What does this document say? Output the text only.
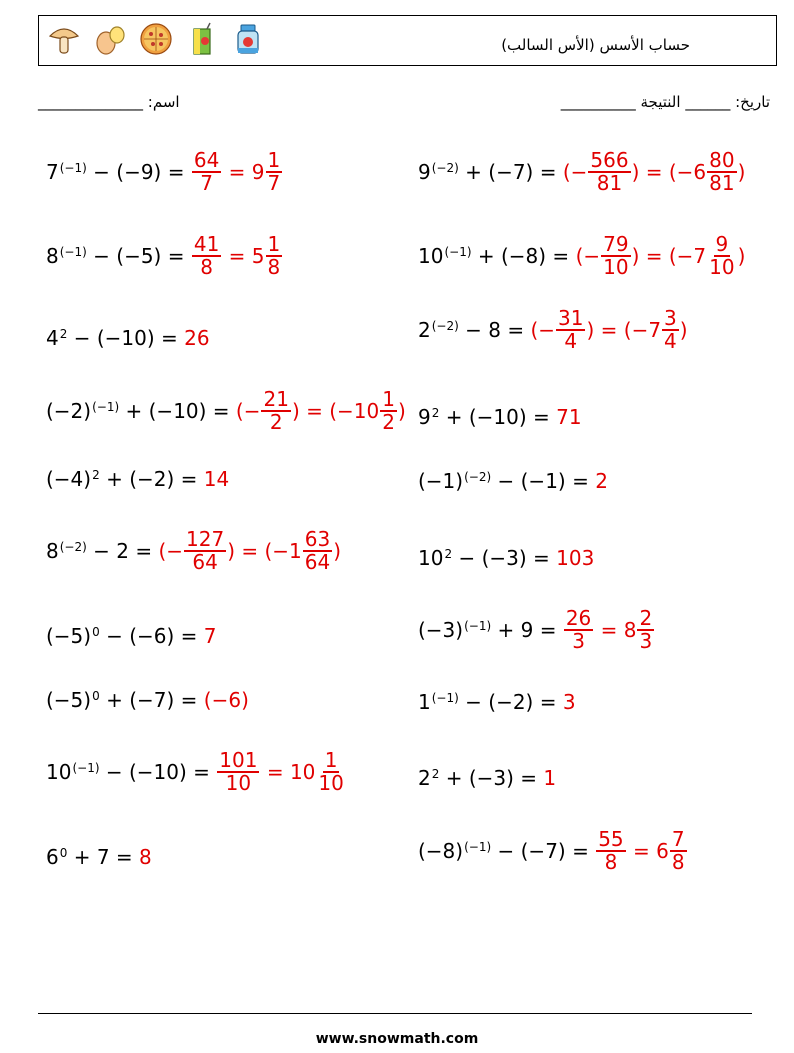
حساب الأسس (الأس السالب)
اسم: ______________	تاريخ: ______ النتيجة __________
$7^{(-1)} - (-9) = \frac{64}{7} = 9 \frac{1}{7}$
$8^{(-1)} - (-5) = \frac{41}{8} = 5 \frac{1}{8}$
$4^2 - (-10) = 26$
$(-2)^{(-1)} + (-10)$ = (− $\frac{21}{2}$ ) = ($-10 \frac{1}{2}$ )
$(-4)^2 + (-2) = 14$
$8^{(-2)} - 2$ = (− $\frac{127}{64}$ ) = ($-1 \frac{63}{64}$ )
$(-5)^0 - (-6) = 7$
$(-5)^0 + (-7) = (-6)$
$10^{(-1)} - (-10) = \frac{101}{10} = 10 \frac{1}{10}$
$6^0 + 7 = 8$
$9^{(-2)} + (-7)$ = (− $\frac{566}{81}$ ) = ($-6 \frac{80}{81}$ )
$10^{(-1)} + (-8)$ = (− $\frac{79}{10}$ ) = ($-7 \frac{9}{10}$ )
$2^{(-2)} - 8$ = (− $\frac{31}{4}$ ) = ($-7 \frac{3}{4}$ )
$9^2 + (-10) = 71$
$(-1)^{(-2)} - (-1) = 2$
$10^2 - (-3) = 103$
$(-3)^{(-1)} + 9 = \frac{26}{3} = 8 \frac{2}{3}$
$1^{(-1)} - (-2) = 3$
$2^2 + (-3) = 1$
$(-8)^{(-1)} - (-7) = \frac{55}{8} = 6 \frac{7}{8}$
www.snowmath.com
